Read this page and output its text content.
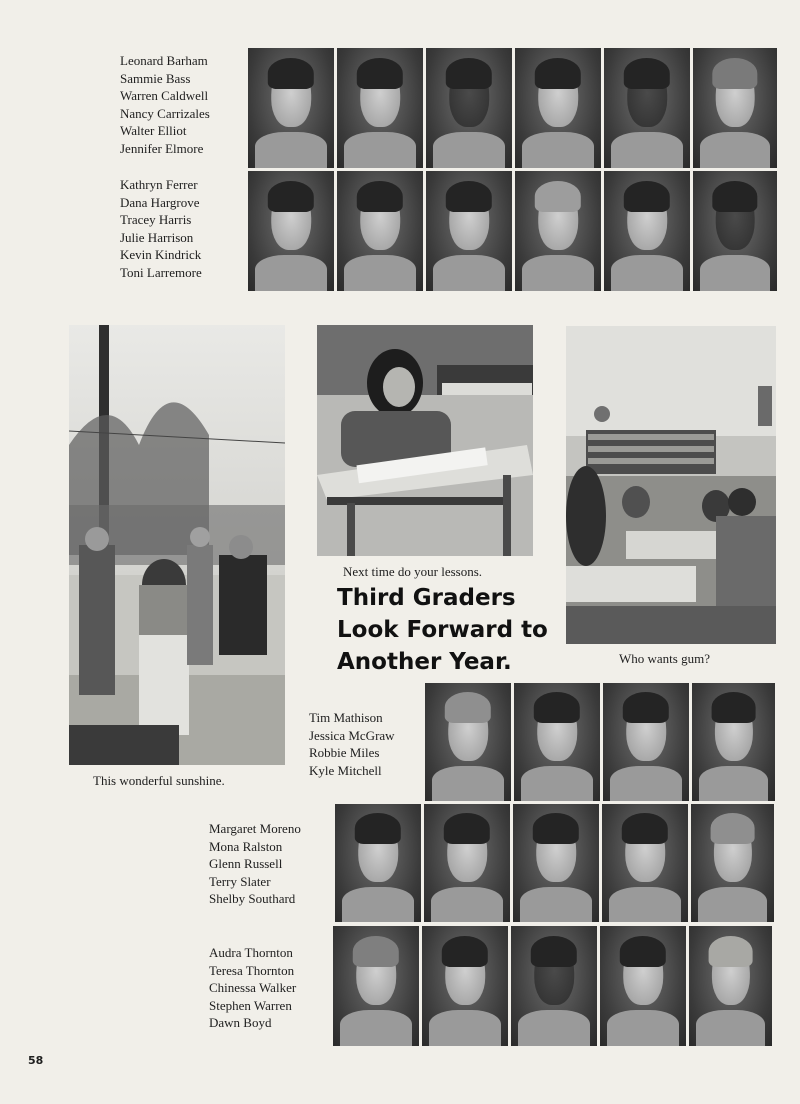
Leonard Barham
Sammie Bass
Warren Caldwell
Nancy Carrizales
Walter Elliot
Jennifer Elmore
Kathryn Ferrer
Dana Hargrove
Tracey Harris
Julie Harrison
Kevin Kindrick
Toni Larremore
This wonderful sunshine.
Next time do your lessons.
Who wants gum?
Third Graders
Look Forward to
Another Year.
Tim Mathison
Jessica McGraw
Robbie Miles
Kyle Mitchell
Margaret Moreno
Mona Ralston
Glenn Russell
Terry Slater
Shelby Southard
Audra Thornton
Teresa Thornton
Chinessa Walker
Stephen Warren
Dawn Boyd
58
